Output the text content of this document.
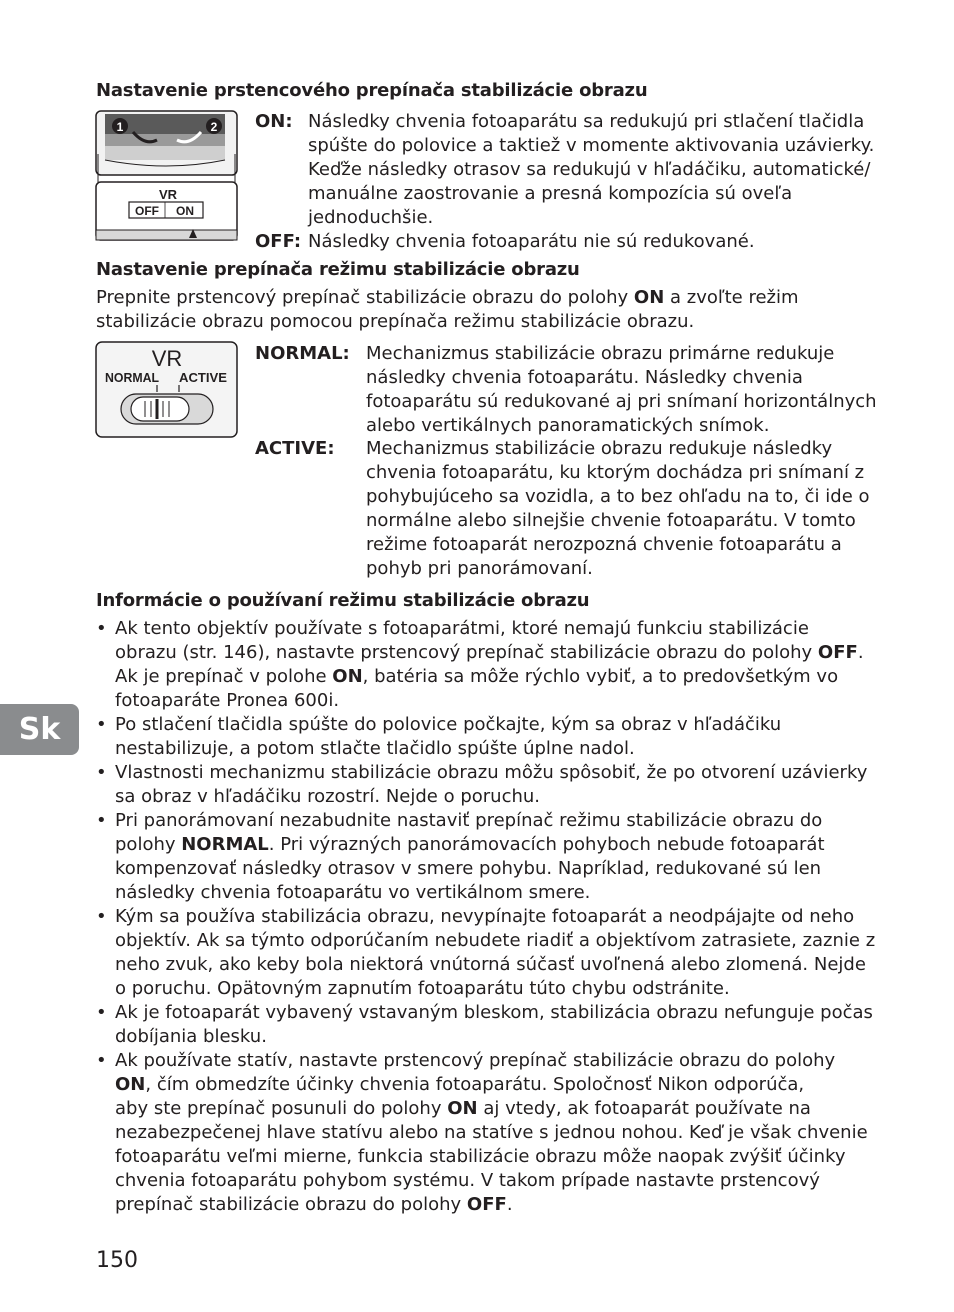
Nastavenie prstencového prepínača stabilizácie obrazu
1	2
VR
OFF ON
ON: Následky chvenia fotoaparátu sa redukujú pri stlačení tlačidla
spúšte do polovice a taktiež v momente aktivovania uzávierky.
Keďže následky otrasov sa redukujú v hľadáčiku, automatické/
manuálne zaostrovanie a presná kompozícia sú oveľa
jednoduchšie.
OFF: Následky chvenia fotoaparátu nie sú redukované.
Nastavenie prepínača režimu stabilizácie obrazu
Prepnite prstencový prepínač stabilizácie obrazu do polohy ON a zvoľte režim
stabilizácie obrazu pomocou prepínača režimu stabilizácie obrazu.
VR
NORMAL ACTIVE
NORMAL: Mechanizmus stabilizácie obrazu primárne redukuje
následky chvenia fotoaparátu. Následky chvenia
fotoaparátu sú redukované aj pri snímaní horizontálnych
alebo vertikálnych panoramatických snímok.
ACTIVE: Mechanizmus stabilizácie obrazu redukuje následky
chvenia fotoaparátu, ku ktorým dochádza pri snímaní z
pohybujúceho sa vozidla, a to bez ohľadu na to, či ide o
normálne alebo silnejšie chvenie fotoaparátu. V tomto
režime fotoaparát nerozpozná chvenie fotoaparátu a
pohyb pri panorámovaní.
Informácie o používaní režimu stabilizácie obrazu
• Ak tento objektív používate s fotoaparátmi, ktoré nemajú funkciu stabilizácie
obrazu (str. 146), nastavte prstencový prepínač stabilizácie obrazu do polohy OFF.
Ak je prepínač v polohe ON, batéria sa môže rýchlo vybiť, a to predovšetkým vo
fotoaparáte Pronea 600i.
• Po stlačení tlačidla spúšte do polovice počkajte, kým sa obraz v hľadáčiku
nestabilizuje, a potom stlačte tlačidlo spúšte úplne nadol.
• Vlastnosti mechanizmu stabilizácie obrazu môžu spôsobiť, že po otvorení uzávierky
sa obraz v hľadáčiku rozostrí. Nejde o poruchu.
• Pri panorámovaní nezabudnite nastaviť prepínač režimu stabilizácie obrazu do
polohy NORMAL. Pri výrazných panorámovacích pohyboch nebude fotoaparát
kompenzovať následky otrasov v smere pohybu. Napríklad, redukované sú len
následky chvenia fotoaparátu vo vertikálnom smere.
• Kým sa používa stabilizácia obrazu, nevypínajte fotoaparát a neodpájajte od neho
objektív. Ak sa týmto odporúčaním nebudete riadiť a objektívom zatrasiete, zaznie z
neho zvuk, ako keby bola niektorá vnútorná súčasť uvoľnená alebo zlomená. Nejde
o poruchu. Opätovným zapnutím fotoaparátu túto chybu odstránite.
• Ak je fotoaparát vybavený vstavaným bleskom, stabilizácia obrazu nefunguje počas
dobíjania blesku.
• Ak používate statív, nastavte prstencový prepínač stabilizácie obrazu do polohy
ON, čím obmedzíte účinky chvenia fotoaparátu. Spoločnosť Nikon odporúča,
aby ste prepínač posunuli do polohy ON aj vtedy, ak fotoaparát používate na
nezabezpečenej hlave statívu alebo na statíve s jednou nohou. Keď je však chvenie
fotoaparátu veľmi mierne, funkcia stabilizácie obrazu môže naopak zvýšiť účinky
chvenia fotoaparátu pohybom systému. V takom prípade nastavte prstencový
prepínač stabilizácie obrazu do polohy OFF.
Sk
150
